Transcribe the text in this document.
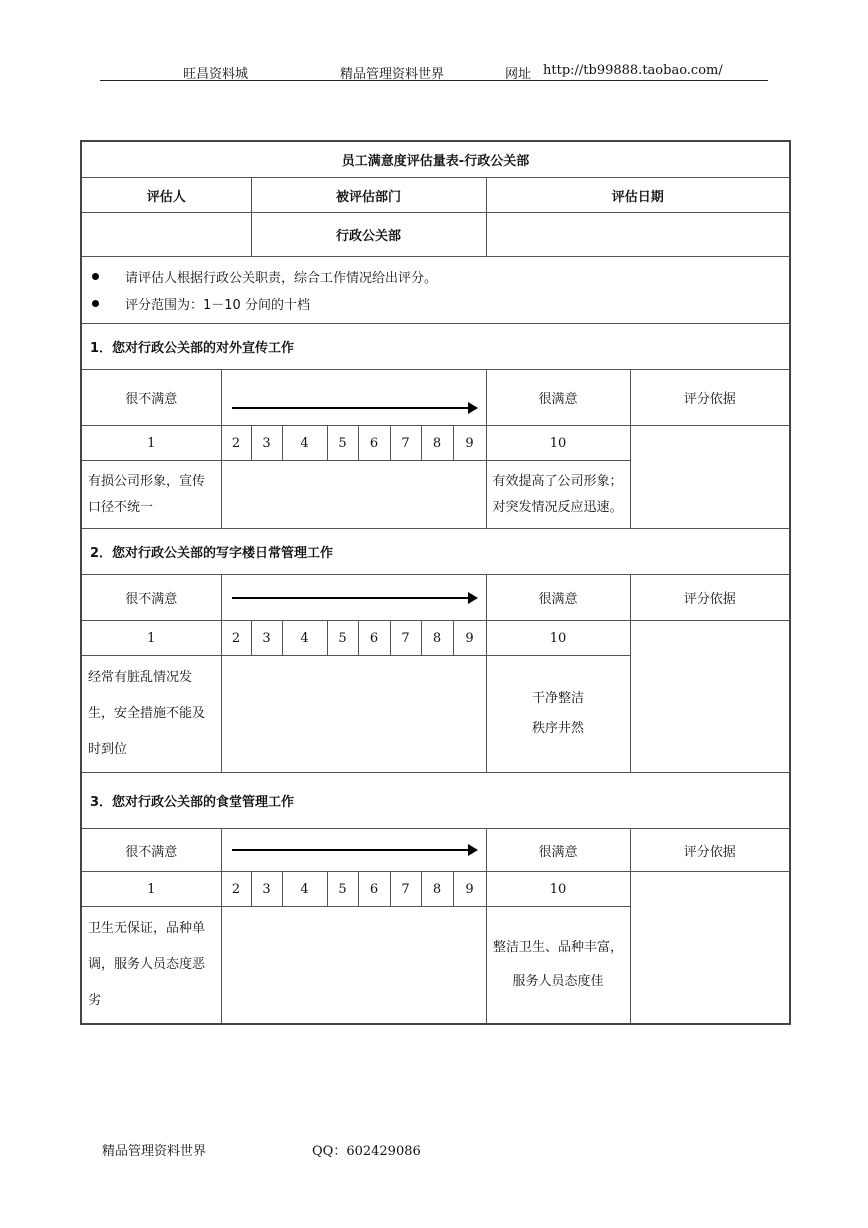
旺昌资料城	精品管理资料世界	网址 http://tb99888.taobao.com/
员工满意度评估量表-行政公关部										
评估人		被评估部门							评估日期	
		行政公关部								

请评估人根据行政公关职责，综合工作情况给出评分。
评分范围为：1－10 分间的十档										

1．您对行政公关部的对外宣传工作										
很不满意									很满意	评分依据
1	2	3	4	5	6	7	8	9	10	
有损公司形象，宣传口径不统一									有效提高了公司形象；对突发情况反应迅速。	
2．您对行政公关部的写字楼日常管理工作										
很不满意									很满意	评分依据
1	2	3	4	5	6	7	8	9	10	
经常有脏乱情况发生，安全措施不能及时到位									干净整洁
秩序井然	

3．您对行政公关部的食堂管理工作										
很不满意									很满意	评分依据
1	2	3	4	5	6	7	8	9	10	
卫生无保证，品种单调，服务人员态度恶劣									整洁卫生、品种丰富，
服务人员态度佳	
精品管理资料世界	QQ：602429086
